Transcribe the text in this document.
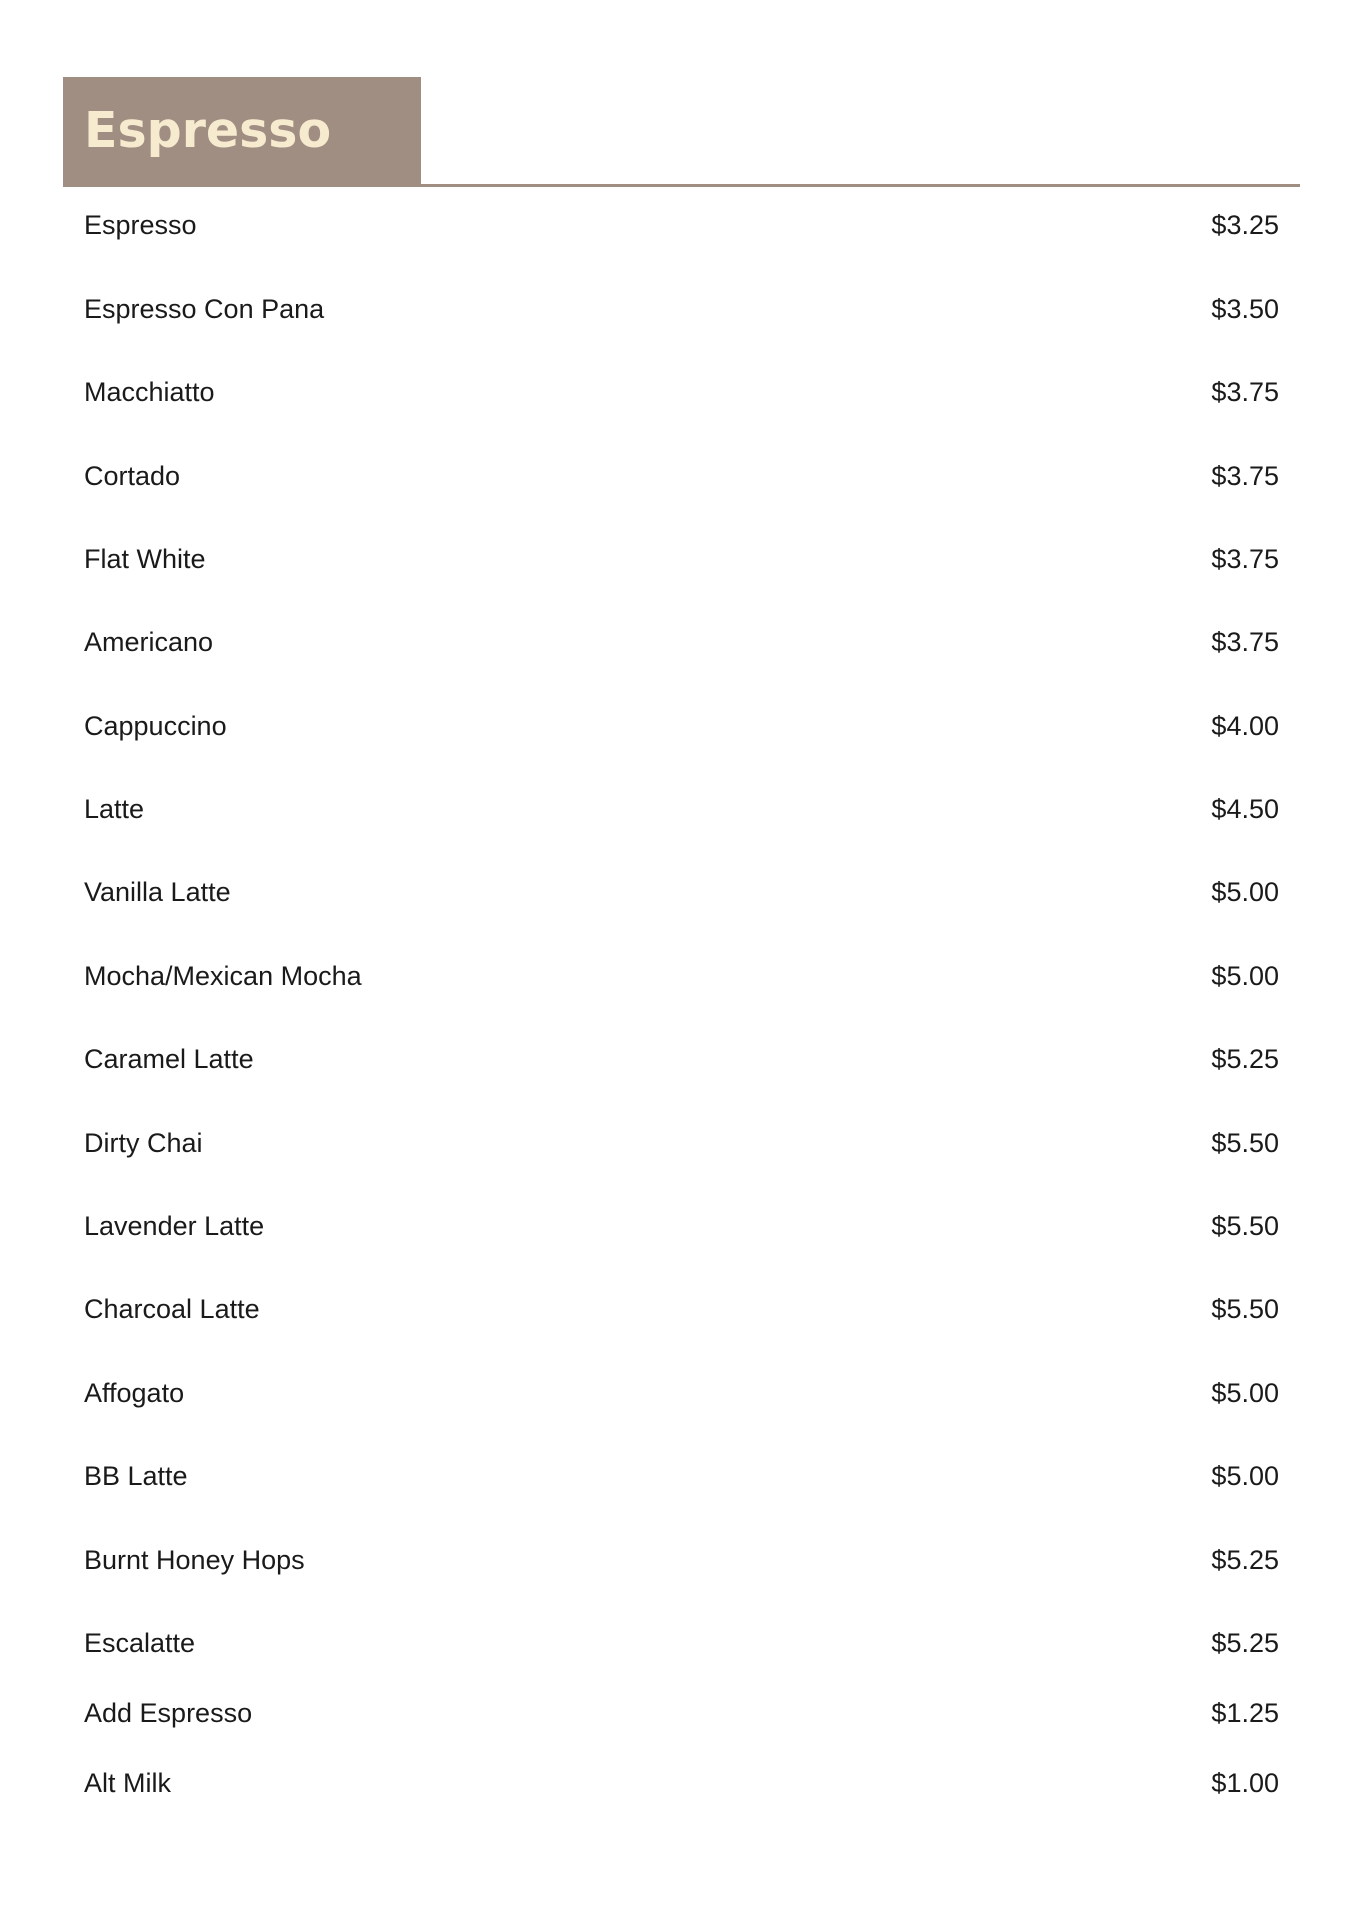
Espresso
Espresso	$3.25
Espresso Con Pana	$3.50
Macchiatto	$3.75
Cortado	$3.75
Flat White	$3.75
Americano	$3.75
Cappuccino	$4.00
Latte	$4.50
Vanilla Latte	$5.00
Mocha/Mexican Mocha	$5.00
Caramel Latte	$5.25
Dirty Chai	$5.50
Lavender Latte	$5.50
Charcoal Latte	$5.50
Affogato	$5.00
BB Latte	$5.00
Burnt Honey Hops	$5.25
Escalatte	$5.25
Add Espresso	$1.25
Alt Milk	$1.00
